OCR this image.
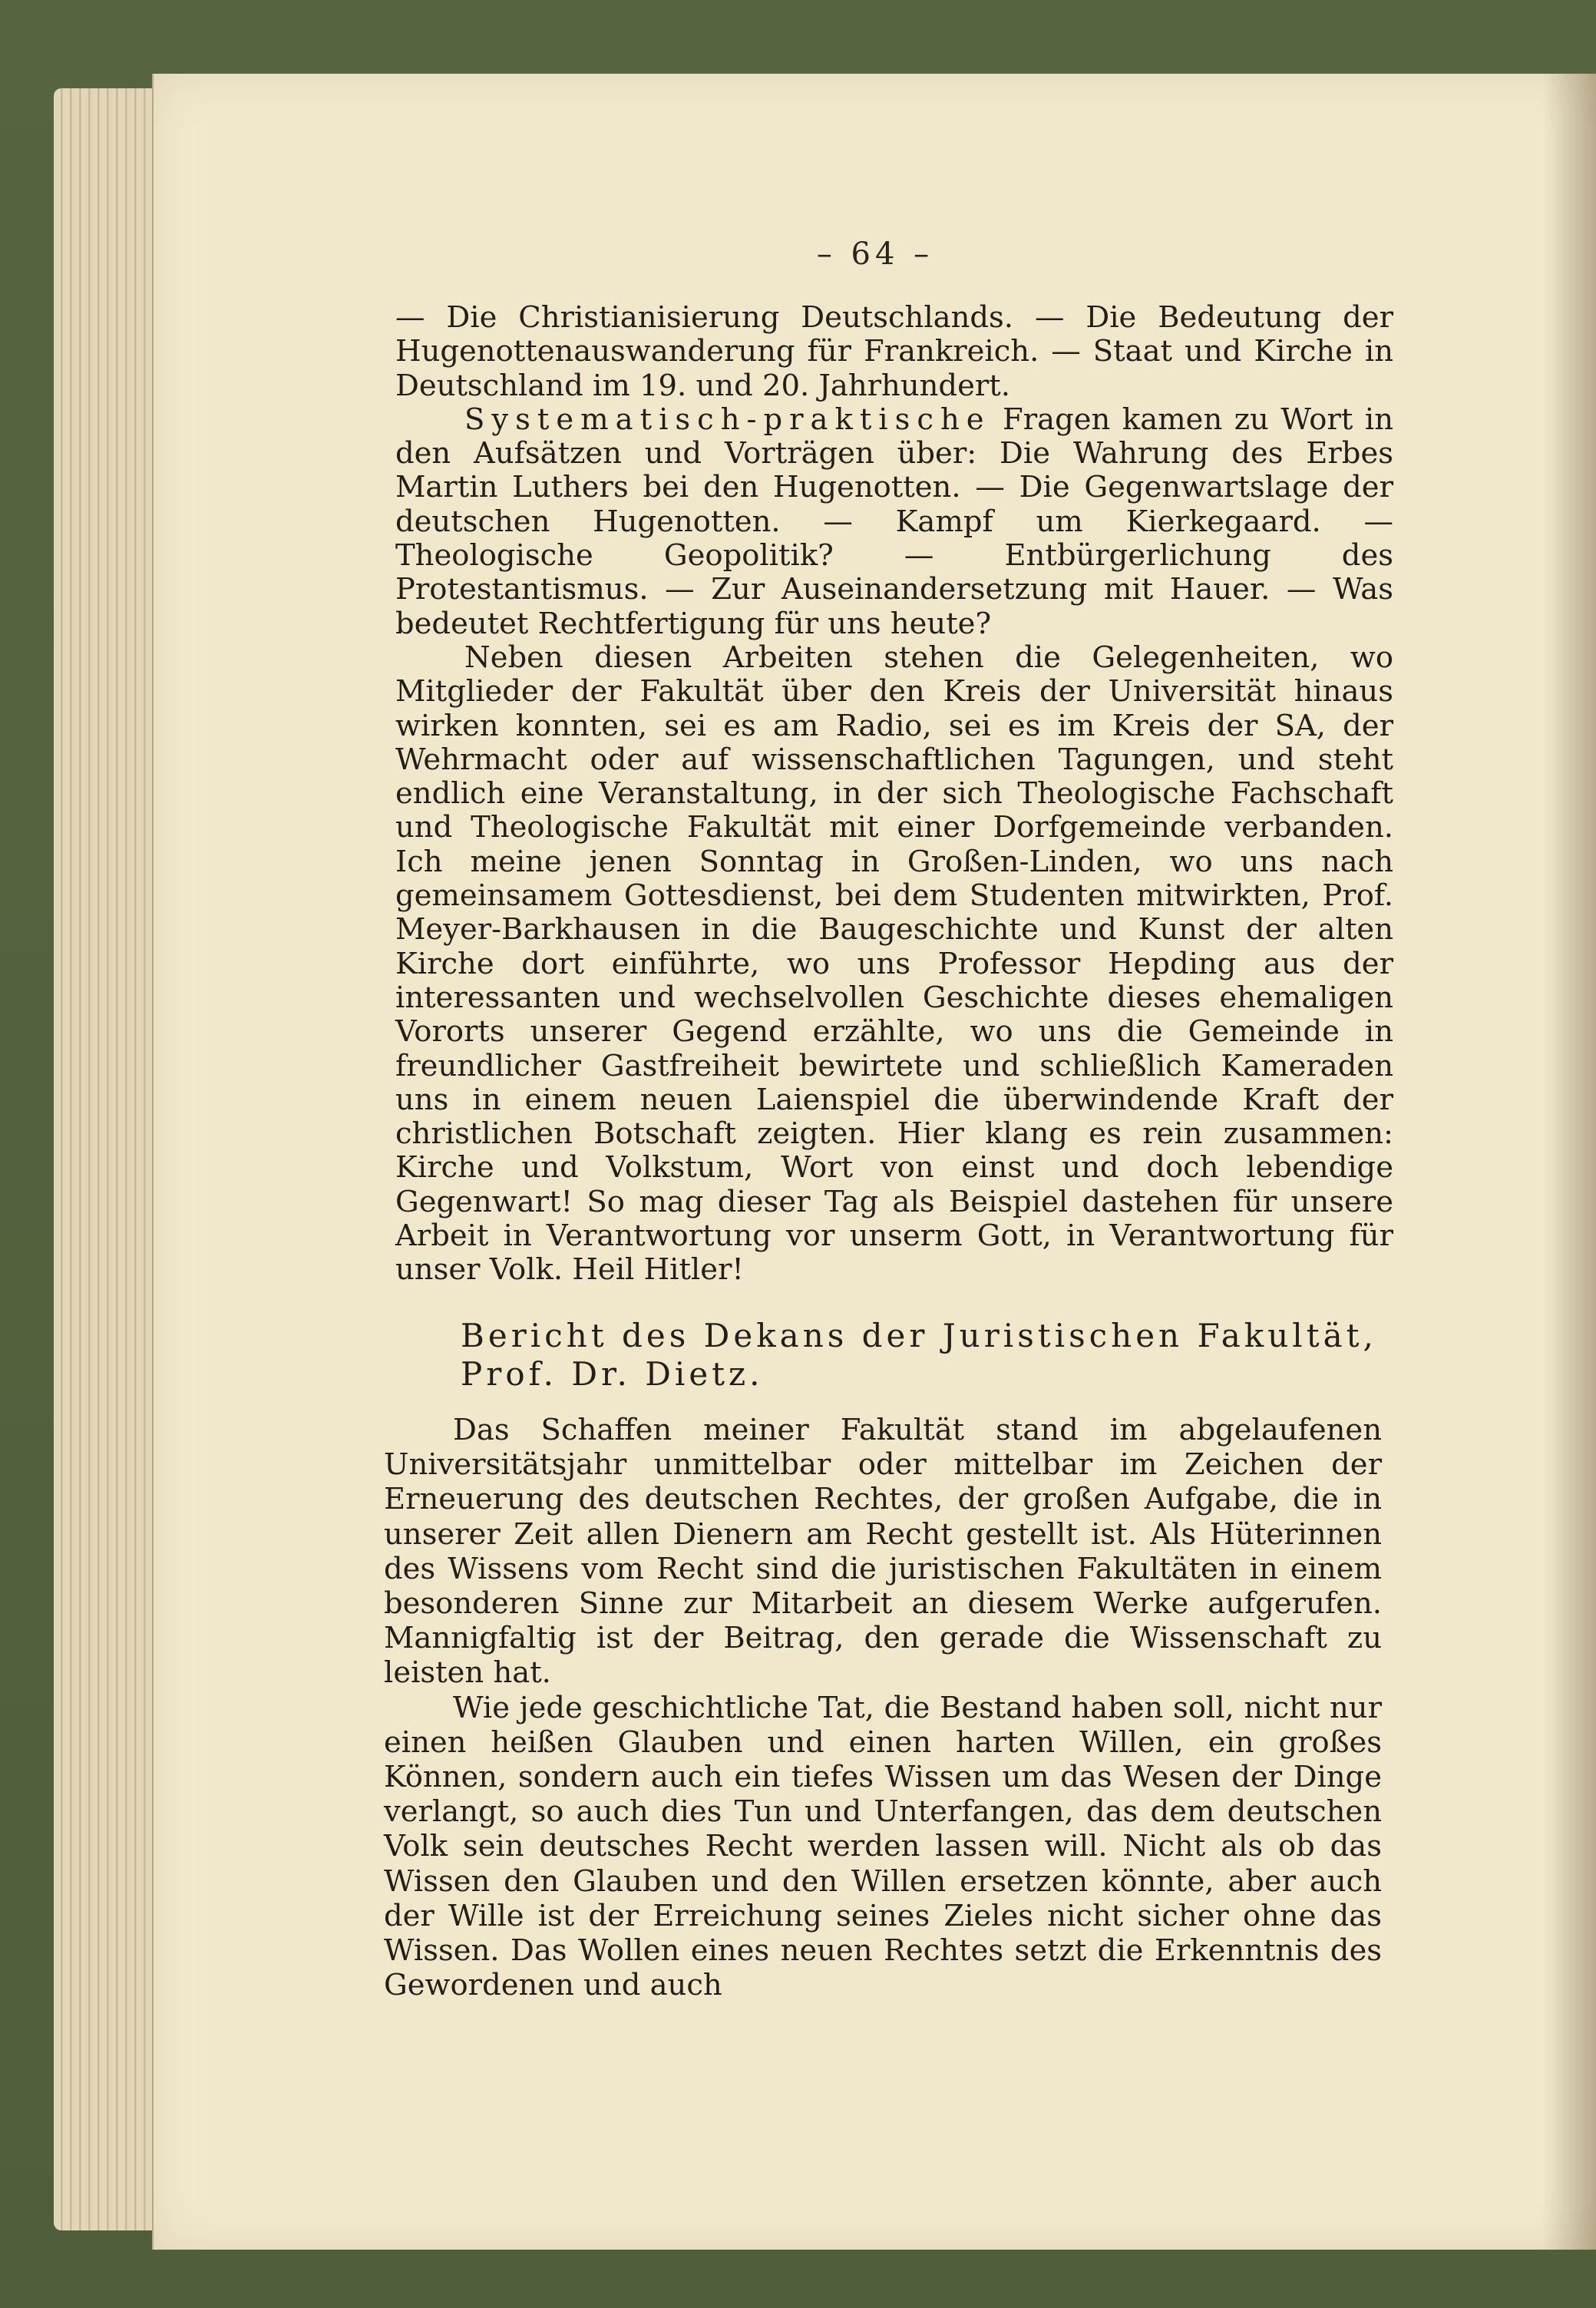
– 64 –

— Die Christianisierung Deutschlands. — Die Bedeutung der Hugenottenauswanderung für Frankreich. — Staat und Kirche in Deutschland im 19. und 20. Jahrhundert.

Systematisch-praktische Fragen kamen zu Wort in den Aufsätzen und Vorträgen über: Die Wahrung des Erbes Martin Luthers bei den Hugenotten. — Die Gegenwartslage der deutschen Hugenotten. — Kampf um Kierkegaard. — Theologische Geopolitik? — Entbürgerlichung des Protestantismus. — Zur Auseinandersetzung mit Hauer. — Was bedeutet Rechtfertigung für uns heute?

Neben diesen Arbeiten stehen die Gelegenheiten, wo Mitglieder der Fakultät über den Kreis der Universität hinaus wirken konnten, sei es am Radio, sei es im Kreis der SA, der Wehrmacht oder auf wissenschaftlichen Tagungen, und steht endlich eine Veranstaltung, in der sich Theologische Fachschaft und Theologische Fakultät mit einer Dorfgemeinde verbanden. Ich meine jenen Sonntag in Großen-Linden, wo uns nach gemeinsamem Gottesdienst, bei dem Studenten mitwirkten, Prof. Meyer-Barkhausen in die Baugeschichte und Kunst der alten Kirche dort einführte, wo uns Professor Hepding aus der interessanten und wechselvollen Geschichte dieses ehemaligen Vororts unserer Gegend erzählte, wo uns die Gemeinde in freundlicher Gastfreiheit bewirtete und schließlich Kameraden uns in einem neuen Laienspiel die überwindende Kraft der christlichen Botschaft zeigten. Hier klang es rein zusammen: Kirche und Volkstum, Wort von einst und doch lebendige Gegenwart! So mag dieser Tag als Beispiel dastehen für unsere Arbeit in Verantwortung vor unserm Gott, in Verantwortung für unser Volk. Heil Hitler!

Bericht des Dekans der Juristischen Fakultät,
Prof. Dr. Dietz.

Das Schaffen meiner Fakultät stand im abgelaufenen Universitätsjahr unmittelbar oder mittelbar im Zeichen der Erneuerung des deutschen Rechtes, der großen Aufgabe, die in unserer Zeit allen Dienern am Recht gestellt ist. Als Hüterinnen des Wissens vom Recht sind die juristischen Fakultäten in einem besonderen Sinne zur Mitarbeit an diesem Werke aufgerufen. Mannigfaltig ist der Beitrag, den gerade die Wissenschaft zu leisten hat.

Wie jede geschichtliche Tat, die Bestand haben soll, nicht nur einen heißen Glauben und einen harten Willen, ein großes Können, sondern auch ein tiefes Wissen um das Wesen der Dinge verlangt, so auch dies Tun und Unterfangen, das dem deutschen Volk sein deutsches Recht werden lassen will. Nicht als ob das Wissen den Glauben und den Willen ersetzen könnte, aber auch der Wille ist der Erreichung seines Zieles nicht sicher ohne das Wissen. Das Wollen eines neuen Rechtes setzt die Erkenntnis des Gewordenen und auch
